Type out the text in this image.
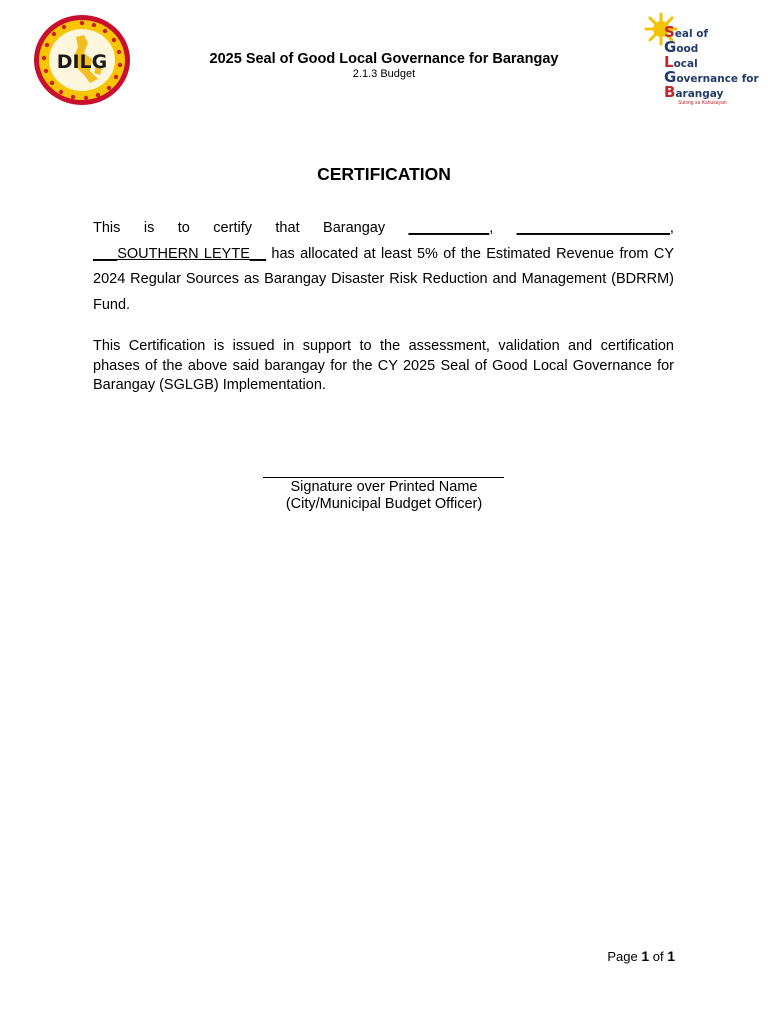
DILG	2025 Seal of Good Local Governance for Barangay
2.1.3 Budget
Seal of
Good
Local
Governance for
Barangay
Sulong sa Kahusayan
CERTIFICATION
This is to certify that Barangay __________, ___________________,
___SOUTHERN LEYTE__ has allocated at least 5% of the Estimated Revenue from CY 2024 Regular Sources as Barangay Disaster Risk Reduction and Management (BDRRM) Fund.
This Certification is issued in support to the assessment, validation and certification phases of the above said barangay for the CY 2025 Seal of Good Local Governance for Barangay (SGLGB) Implementation.
Signature over Printed Name
(City/Municipal Budget Officer)
Page 1 of 1
